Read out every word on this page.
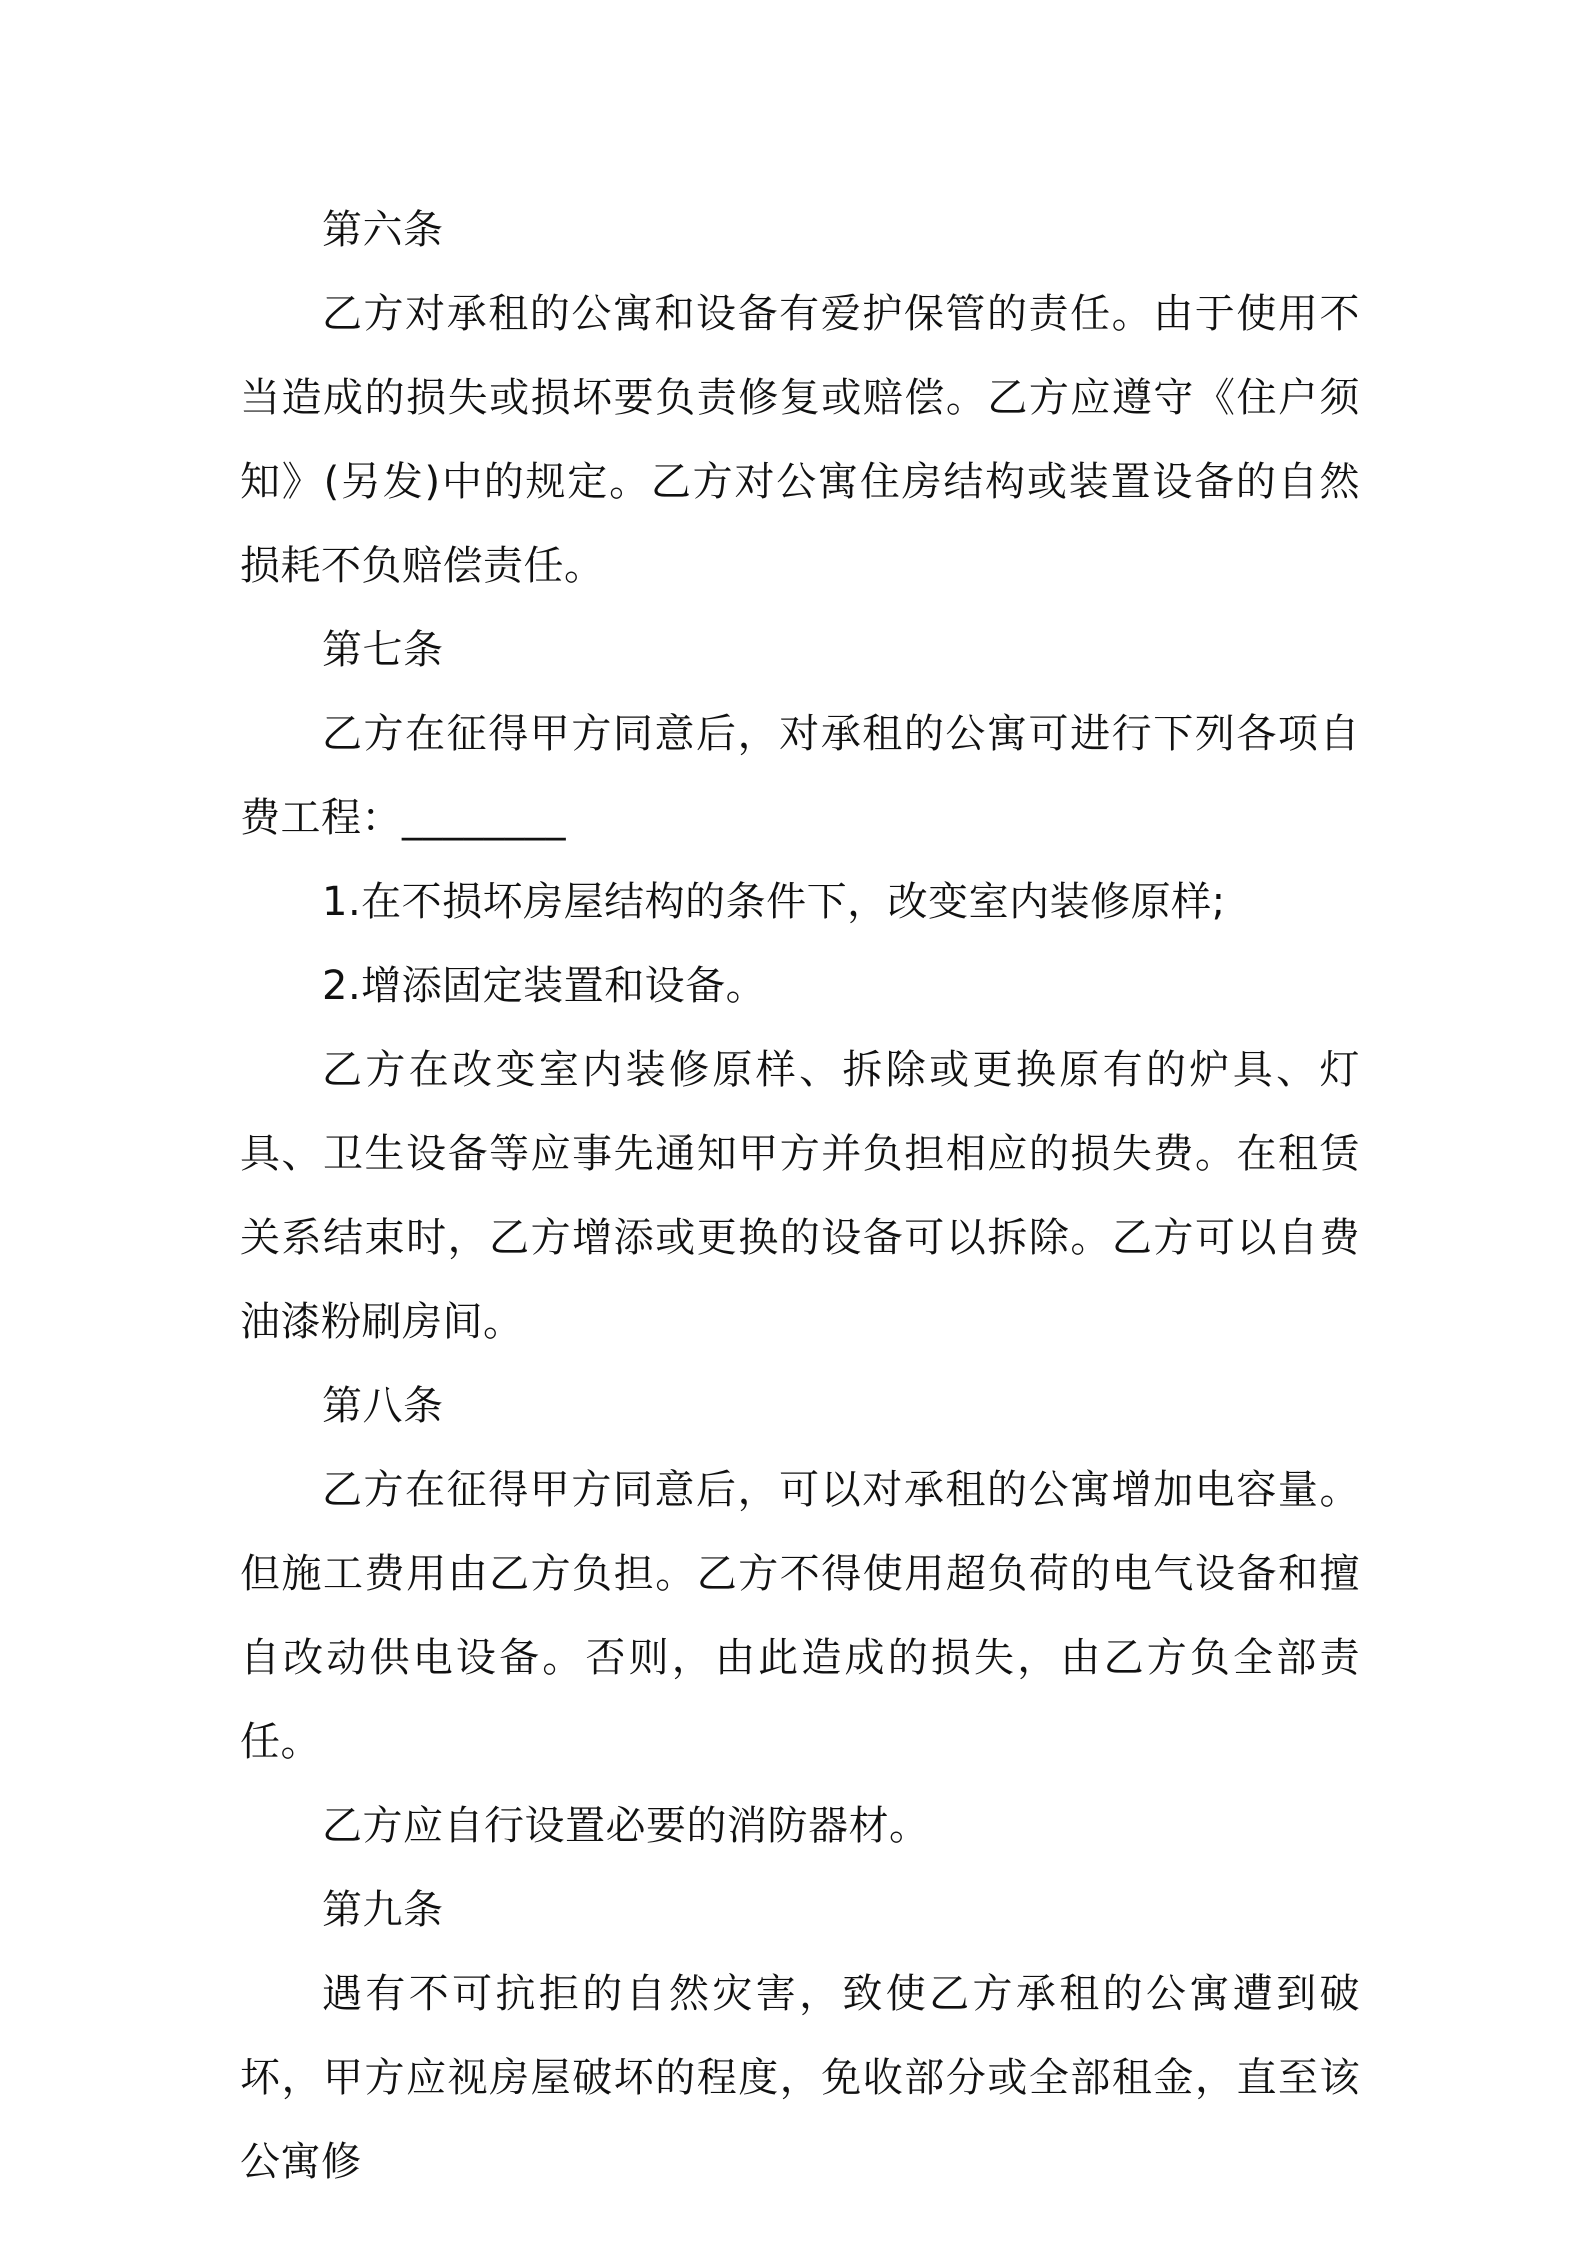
第六条

乙方对承租的公寓和设备有爱护保管的责任。由于使用不当造成的损失或损坏要负责修复或赔偿。乙方应遵守《住户须知》(另发)中的规定。乙方对公寓住房结构或装置设备的自然损耗不负赔偿责任。

第七条

乙方在征得甲方同意后，对承租的公寓可进行下列各项自费工程：________

1.在不损坏房屋结构的条件下，改变室内装修原样;

2.增添固定装置和设备。

乙方在改变室内装修原样、拆除或更换原有的炉具、灯具、卫生设备等应事先通知甲方并负担相应的损失费。在租赁关系结束时，乙方增添或更换的设备可以拆除。乙方可以自费油漆粉刷房间。

第八条

乙方在征得甲方同意后，可以对承租的公寓增加电容量。但施工费用由乙方负担。乙方不得使用超负荷的电气设备和擅自改动供电设备。否则，由此造成的损失，由乙方负全部责任。

乙方应自行设置必要的消防器材。

第九条

遇有不可抗拒的自然灾害，致使乙方承租的公寓遭到破坏，甲方应视房屋破坏的程度，免收部分或全部租金，直至该公寓修
